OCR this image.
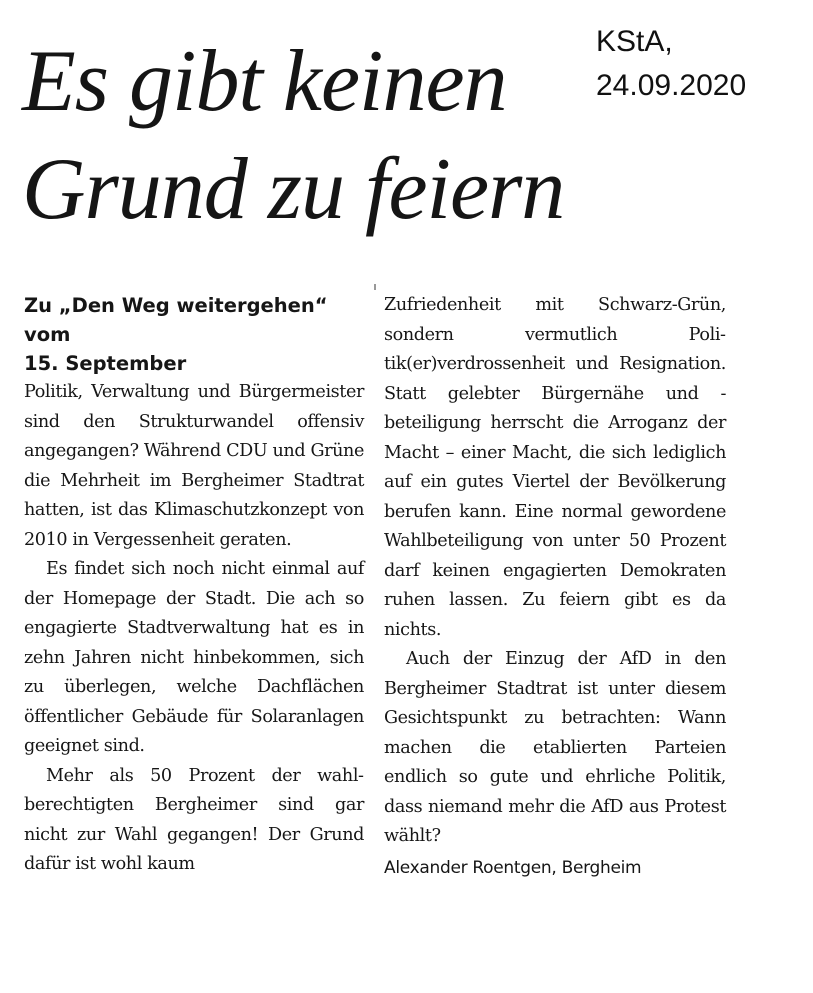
Es gibt keinen
Grund zu feiern
KStA,
24.09.2020
Zu „Den Weg weitergehen“ vom
15. September

Politik, Verwaltung und Bürgermeister sind den Strukturwandel offensiv angegangen? Während CDU und Grüne die Mehrheit im Bergheimer Stadtrat hatten, ist das Klimaschutzkonzept von 2010 in Vergessenheit geraten.

Es findet sich noch nicht einmal auf der Homepage der Stadt. Die ach so engagierte Stadtverwaltung hat es in zehn Jahren nicht hinbekommen, sich zu überlegen, welche Dachflächen öffentlicher Gebäude für Solaranlagen geeignet sind.

Mehr als 50 Prozent der wahlberechtigten Bergheimer sind gar nicht zur Wahl gegangen! Der Grund dafür ist wohl kaum

Zufriedenheit mit Schwarz-Grün, sondern vermutlich Politik(er)verdrossenheit und Resignation. Statt gelebter Bürgernähe und -beteiligung herrscht die Arroganz der Macht – einer Macht, die sich lediglich auf ein gutes Viertel der Bevölkerung berufen kann. Eine normal gewordene Wahlbeteiligung von unter 50 Prozent darf keinen engagierten Demokraten ruhen lassen. Zu feiern gibt es da nichts.

Auch der Einzug der AfD in den Bergheimer Stadtrat ist unter diesem Gesichtspunkt zu betrachten: Wann machen die etablierten Parteien endlich so gute und ehrliche Politik, dass niemand mehr die AfD aus Protest wählt?

Alexander Roentgen, Bergheim
